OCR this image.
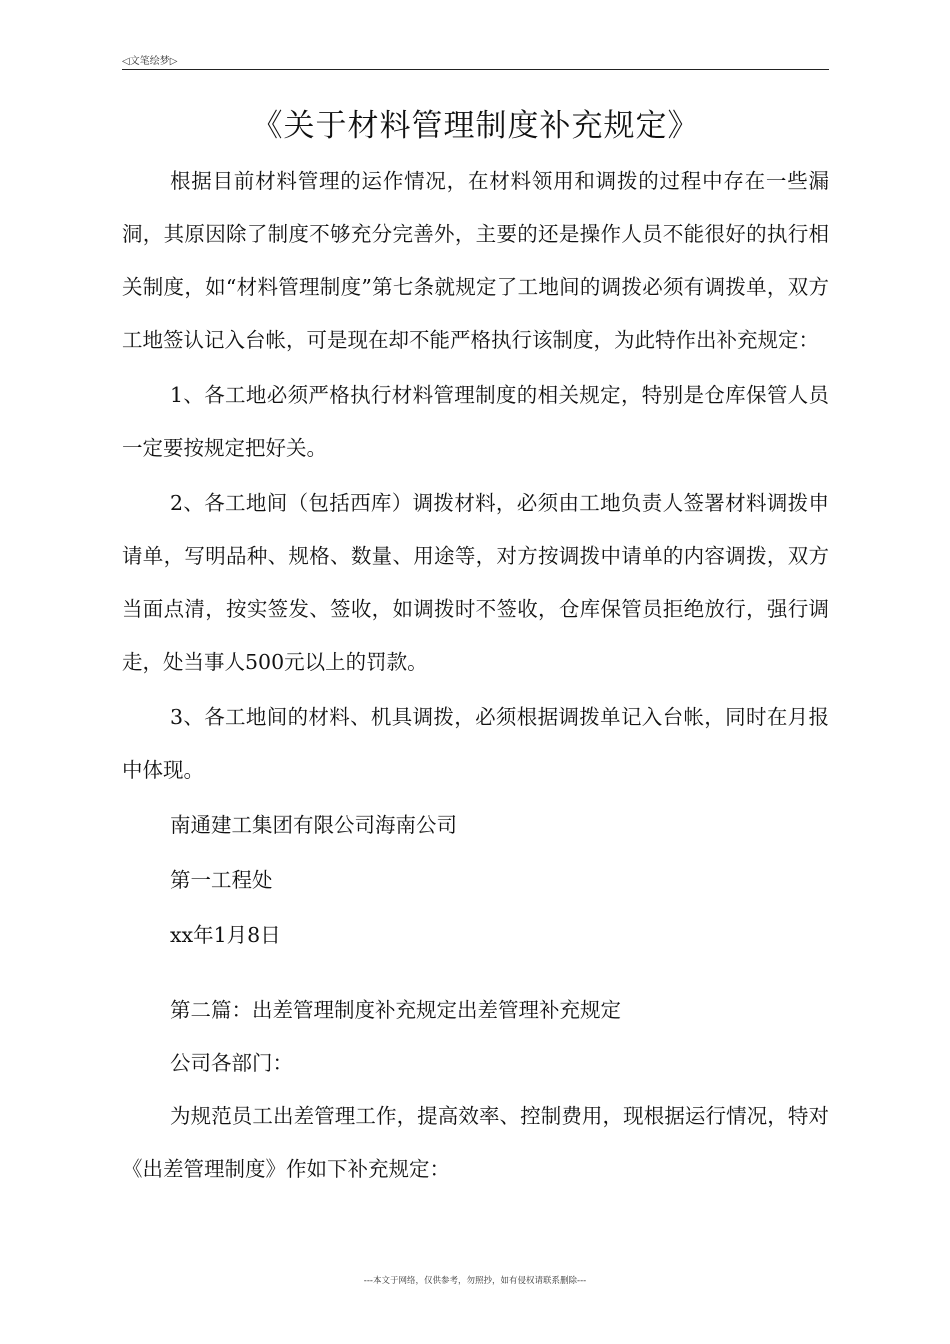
◁文笔绘梦▷
《关于材料管理制度补充规定》

根据目前材料管理的运作情况，在材料领用和调拨的过程中存在一些漏洞，其原因除了制度不够充分完善外，主要的还是操作人员不能很好的执行相关制度，如“材料管理制度”第七条就规定了工地间的调拨必须有调拨单，双方工地签认记入台帐，可是现在却不能严格执行该制度，为此特作出补充规定：

1、各工地必须严格执行材料管理制度的相关规定，特别是仓库保管人员一定要按规定把好关。

2、各工地间（包括西库）调拨材料，必须由工地负责人签署材料调拨申请单，写明品种、规格、数量、用途等，对方按调拨中请单的内容调拨，双方当面点清，按实签发、签收，如调拨时不签收，仓库保管员拒绝放行，强行调走，处当事人500元以上的罚款。

3、各工地间的材料、机具调拨，必须根据调拨单记入台帐，同时在月报中体现。

南通建工集团有限公司海南公司

第一工程处

xx年1月8日

第二篇：出差管理制度补充规定出差管理补充规定

公司各部门：

为规范员工出差管理工作，提高效率、控制费用，现根据运行情况，特对《出差管理制度》作如下补充规定：

---本文于网络，仅供参考，勿照抄，如有侵权请联系删除---
